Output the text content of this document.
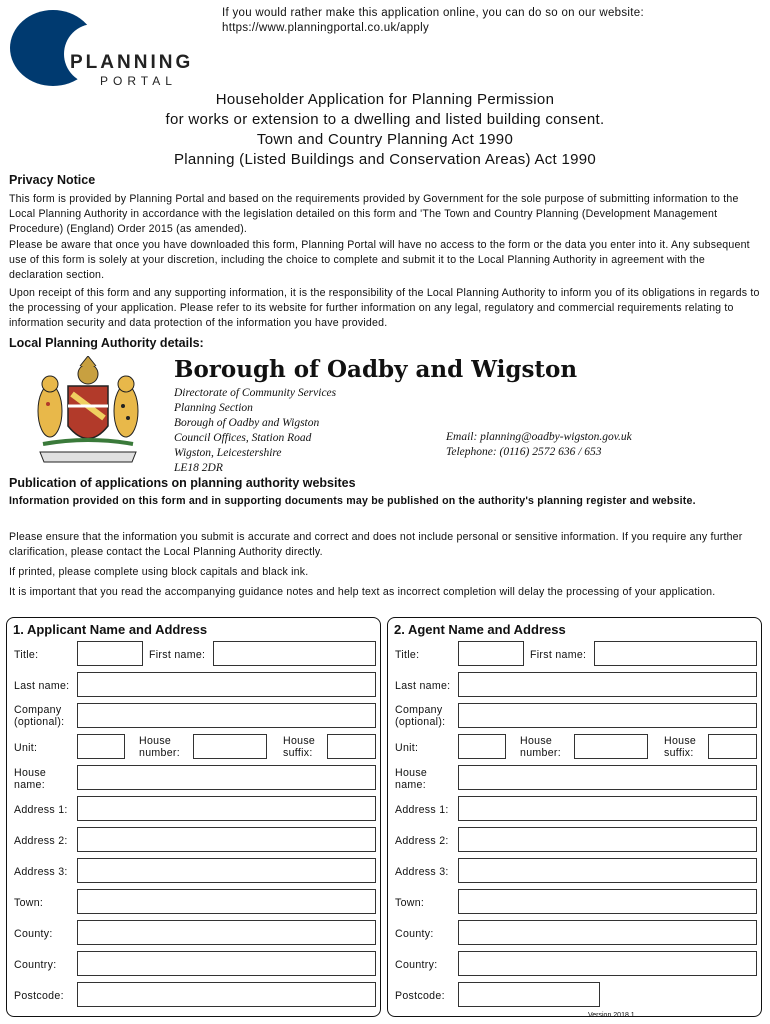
PLANNING
PORTAL
If you would rather make this application online, you can do so on our website:
https://www.planningportal.co.uk/apply
Householder Application for Planning Permission
for works or extension to a dwelling and listed building consent.
Town and Country Planning Act 1990
Planning (Listed Buildings and Conservation Areas) Act 1990
Privacy Notice
This form is provided by Planning Portal and based on the requirements provided by Government for the sole purpose of submitting information to the Local Planning Authority in accordance with the legislation detailed on this form and 'The Town and Country Planning (Development Management Procedure) (England) Order 2015 (as amended).
Please be aware that once you have downloaded this form, Planning Portal will have no access to the form or the data you enter into it. Any subsequent use of this form is solely at your discretion, including the choice to complete and submit it to the Local Planning Authority in agreement with the declaration section.
Upon receipt of this form and any supporting information, it is the responsibility of the Local Planning Authority to inform you of its obligations in regards to the processing of your application. Please refer to its website for further information on any legal, regulatory and commercial requirements relating to information security and data protection of the information you have provided.
Local Planning Authority details:
Borough of Oadby and Wigston
Directorate of Community Services
Planning Section
Borough of Oadby and Wigston
Council Offices, Station Road
Wigston, Leicestershire
LE18 2DR
Email: planning@oadby-wigston.gov.uk
Telephone: (0116) 2572 636 / 653
Publication of applications on planning authority websites
Information provided on this form and in supporting documents may be published on the authority's planning register and website.
Please ensure that the information you submit is accurate and correct and does not include personal or sensitive information. If you require any further clarification, please contact the Local Planning Authority directly.
If printed, please complete using block capitals and black ink.
It is important that you read the accompanying guidance notes and help text as incorrect completion will delay the processing of your application.
1. Applicant Name and Address
Title:	First name:
Last name:
Company
(optional):
Unit:
House
number:
House
suffix:
House
name:
Address 1:
Address 2:
Address 3:
Town:
County:
Country:
Postcode:
2. Agent Name and Address
Title:	First name:
Last name:
Company
(optional):
Unit:
House
number:
House
suffix:
House
name:
Address 1:
Address 2:
Address 3:
Town:
County:
Country:
Postcode:
Version 2018.1
